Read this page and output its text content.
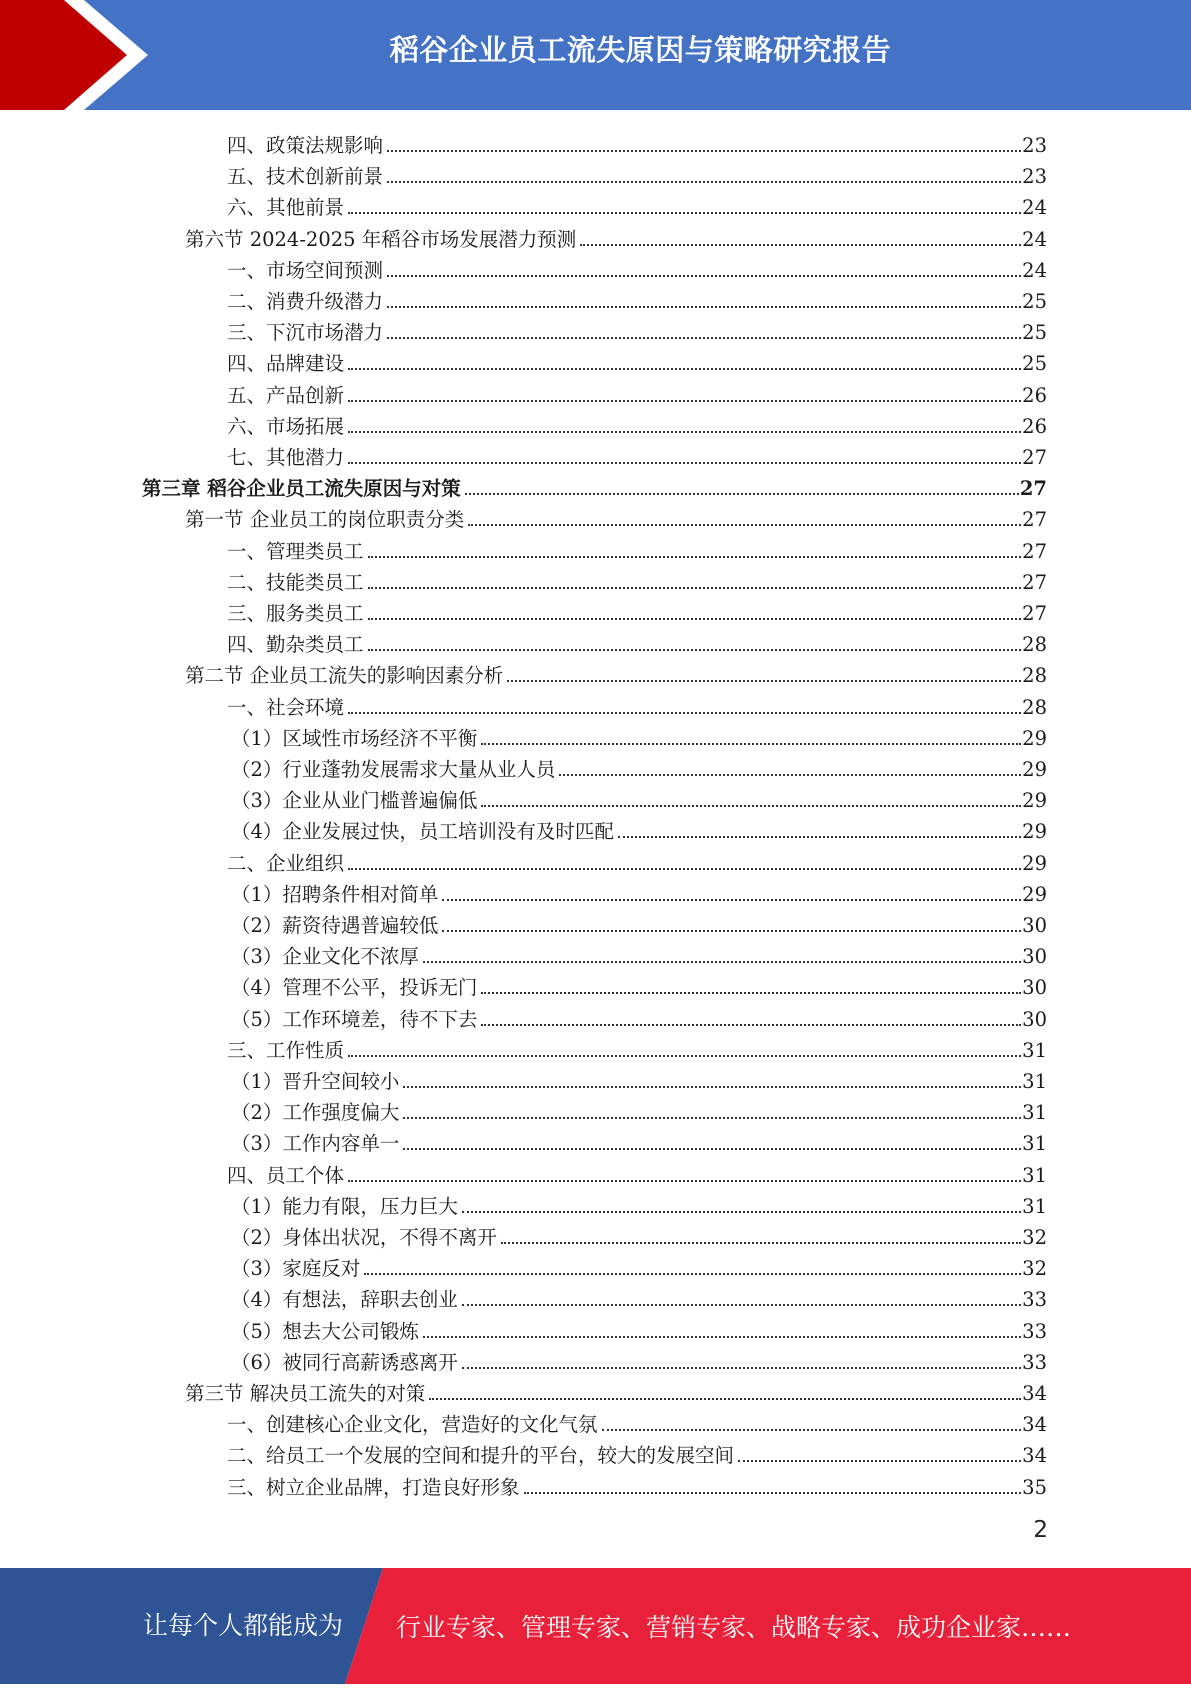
稻谷企业员工流失原因与策略研究报告
四、政策法规影响	23
五、技术创新前景	23
六、其他前景	24
第六节 2024-2025 年稻谷市场发展潜力预测	24
一、市场空间预测	24
二、消费升级潜力	25
三、下沉市场潜力	25
四、品牌建设	25
五、产品创新	26
六、市场拓展	26
七、其他潜力	27
第三章 稻谷企业员工流失原因与对策	27
第一节 企业员工的岗位职责分类	27
一、管理类员工	27
二、技能类员工	27
三、服务类员工	27
四、勤杂类员工	28
第二节 企业员工流失的影响因素分析	28
一、社会环境	28
（1）区域性市场经济不平衡	29
（2）行业蓬勃发展需求大量从业人员	29
（3）企业从业门槛普遍偏低	29
（4）企业发展过快，员工培训没有及时匹配	29
二、企业组织	29
（1）招聘条件相对简单	29
（2）薪资待遇普遍较低	30
（3）企业文化不浓厚	30
（4）管理不公平，投诉无门	30
（5）工作环境差，待不下去	30
三、工作性质	31
（1）晋升空间较小	31
（2）工作强度偏大	31
（3）工作内容单一	31
四、员工个体	31
（1）能力有限，压力巨大	31
（2）身体出状况，不得不离开	32
（3）家庭反对	32
（4）有想法，辞职去创业	33
（5）想去大公司锻炼	33
（6）被同行高薪诱惑离开	33
第三节 解决员工流失的对策	34
一、创建核心企业文化，营造好的文化气氛	34
二、给员工一个发展的空间和提升的平台，较大的发展空间	34
三、树立企业品牌，打造良好形象	35
2
让每个人都能成为 行业专家、管理专家、营销专家、战略专家、成功企业家……
